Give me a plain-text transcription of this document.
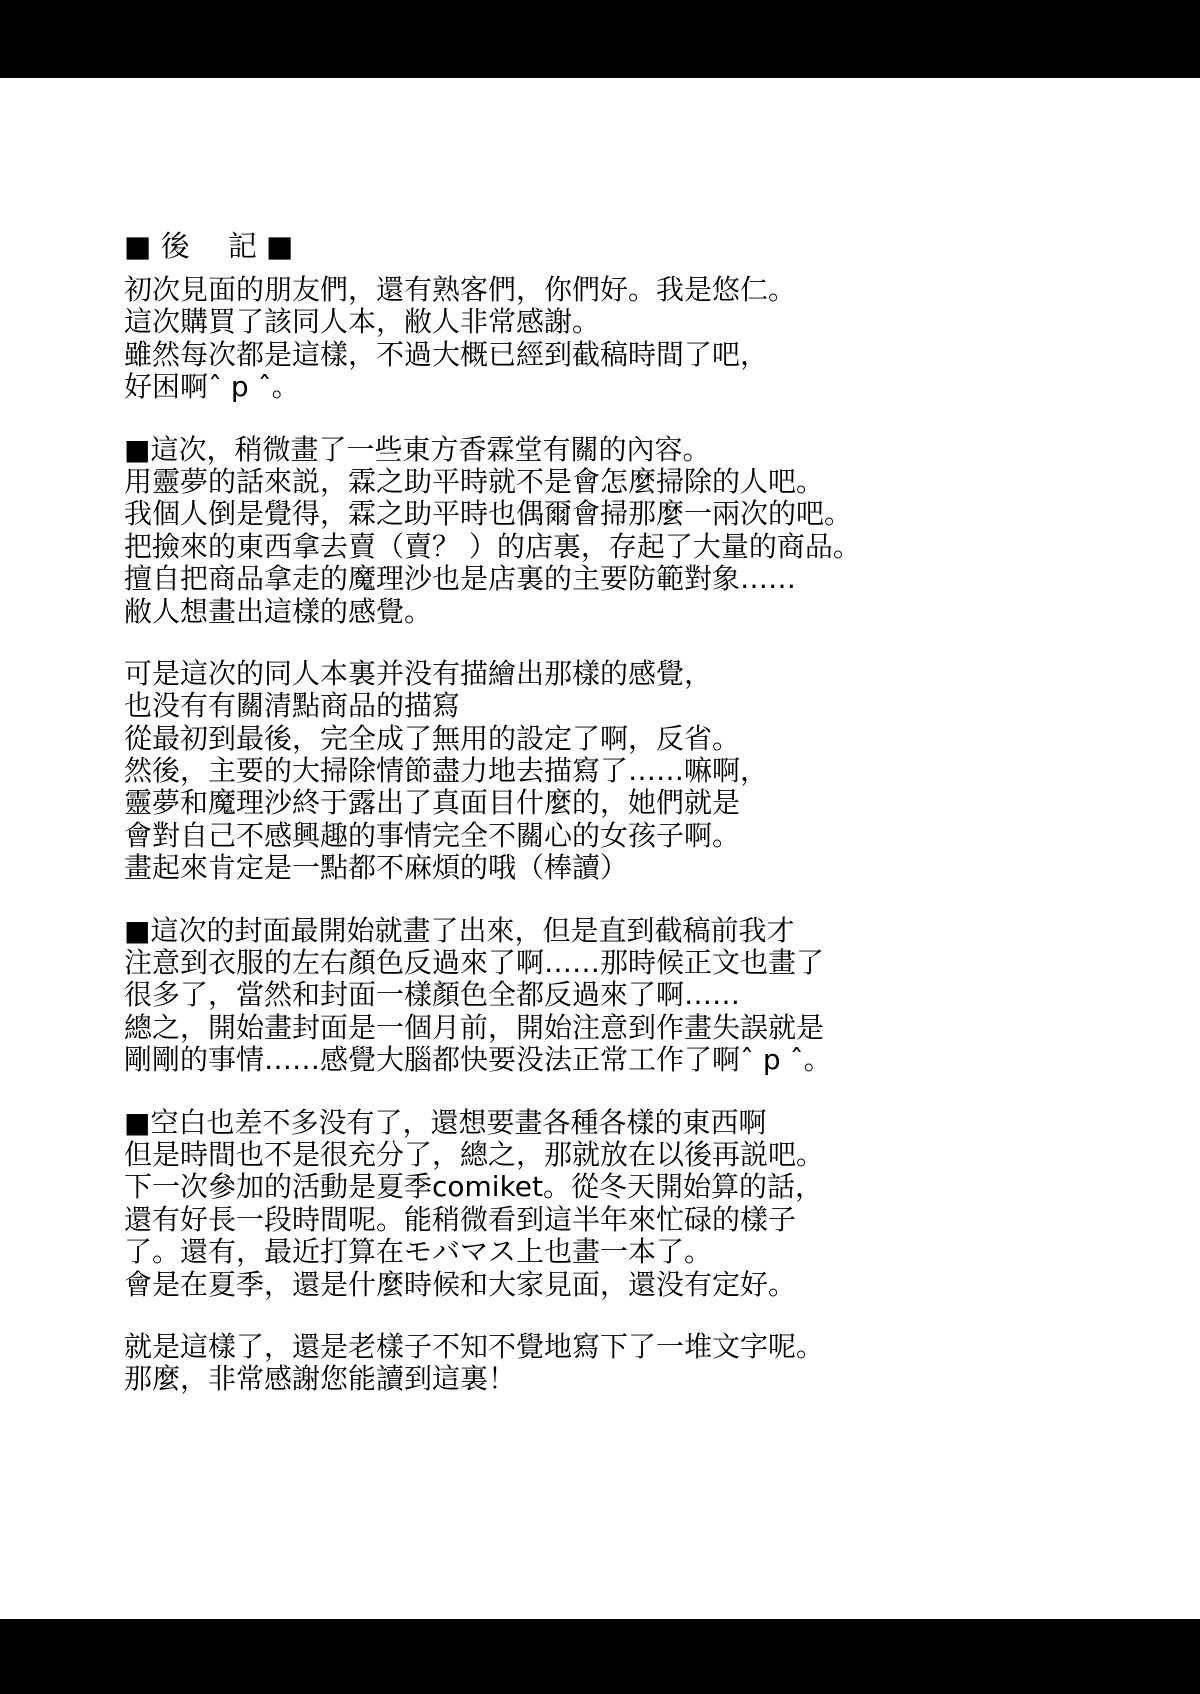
■ 後　 記 ■
初次見面的朋友們，還有熟客們，你們好。我是悠仁。
這次購買了該同人本，敝人非常感謝。
雖然每次都是這樣，不過大概已經到截稿時間了吧，
好困啊ˆ p ˆ。
■這次，稍微畫了一些東方香霖堂有關的內容。
用靈夢的話來説，霖之助平時就不是會怎麼掃除的人吧。
我個人倒是覺得，霖之助平時也偶爾會掃那麼一兩次的吧。
把撿來的東西拿去賣（賣？ ）的店裏，存起了大量的商品。
擅自把商品拿走的魔理沙也是店裏的主要防範對象……
敝人想畫出這樣的感覺。
可是這次的同人本裏并没有描繪出那樣的感覺，
也没有有關清點商品的描寫
從最初到最後，完全成了無用的設定了啊，反省。
然後，主要的大掃除情節盡力地去描寫了……嘛啊，
靈夢和魔理沙終于露出了真面目什麼的，她們就是
會對自己不感興趣的事情完全不關心的女孩子啊。
畫起來肯定是一點都不麻煩的哦（棒讀）
■這次的封面最開始就畫了出來，但是直到截稿前我才
注意到衣服的左右顏色反過來了啊……那時候正文也畫了
很多了，當然和封面一樣顏色全都反過來了啊……
總之，開始畫封面是一個月前，開始注意到作畫失誤就是
剛剛的事情……感覺大腦都快要没法正常工作了啊ˆ p ˆ。
■空白也差不多没有了，還想要畫各種各樣的東西啊
但是時間也不是很充分了，總之，那就放在以後再説吧。
下一次參加的活動是夏季comiket。從冬天開始算的話，
還有好長一段時間呢。能稍微看到這半年來忙碌的樣子
了。還有，最近打算在モバマス上也畫一本了。
會是在夏季，還是什麼時候和大家見面，還没有定好。
就是這樣了，還是老樣子不知不覺地寫下了一堆文字呢。
那麼，非常感謝您能讀到這裏！
